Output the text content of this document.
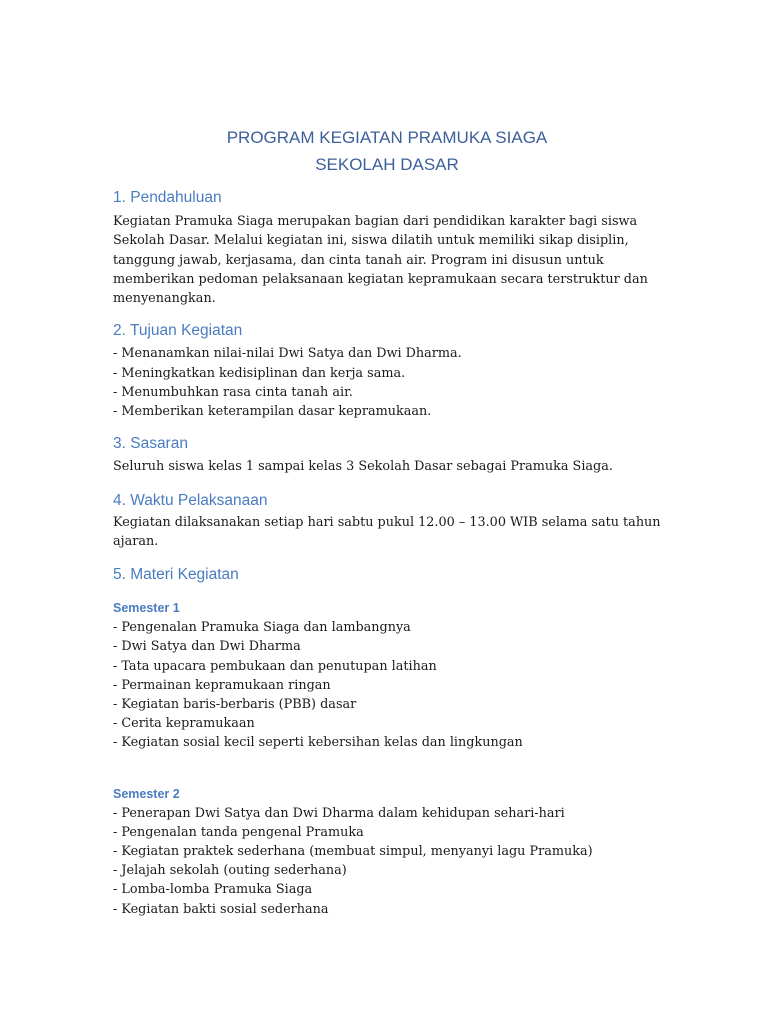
PROGRAM KEGIATAN PRAMUKA SIAGA
SEKOLAH DASAR
1. Pendahuluan

Kegiatan Pramuka Siaga merupakan bagian dari pendidikan karakter bagi siswa Sekolah Dasar. Melalui kegiatan ini, siswa dilatih untuk memiliki sikap disiplin, tanggung jawab, kerjasama, dan cinta tanah air. Program ini disusun untuk memberikan pedoman pelaksanaan kegiatan kepramukaan secara terstruktur dan menyenangkan.

2. Tujuan Kegiatan
- Menanamkan nilai-nilai Dwi Satya dan Dwi Dharma.
- Meningkatkan kedisiplinan dan kerja sama.
- Menumbuhkan rasa cinta tanah air.
- Memberikan keterampilan dasar kepramukaan.
3. Sasaran

Seluruh siswa kelas 1 sampai kelas 3 Sekolah Dasar sebagai Pramuka Siaga.

4. Waktu Pelaksanaan

Kegiatan dilaksanakan setiap hari sabtu pukul 12.00 – 13.00 WIB selama satu tahun ajaran.

5. Materi Kegiatan
Semester 1
- Pengenalan Pramuka Siaga dan lambangnya
- Dwi Satya dan Dwi Dharma
- Tata upacara pembukaan dan penutupan latihan
- Permainan kepramukaan ringan
- Kegiatan baris-berbaris (PBB) dasar
- Cerita kepramukaan
- Kegiatan sosial kecil seperti kebersihan kelas dan lingkungan
Semester 2
- Penerapan Dwi Satya dan Dwi Dharma dalam kehidupan sehari-hari
- Pengenalan tanda pengenal Pramuka
- Kegiatan praktek sederhana (membuat simpul, menyanyi lagu Pramuka)
- Jelajah sekolah (outing sederhana)
- Lomba-lomba Pramuka Siaga
- Kegiatan bakti sosial sederhana
